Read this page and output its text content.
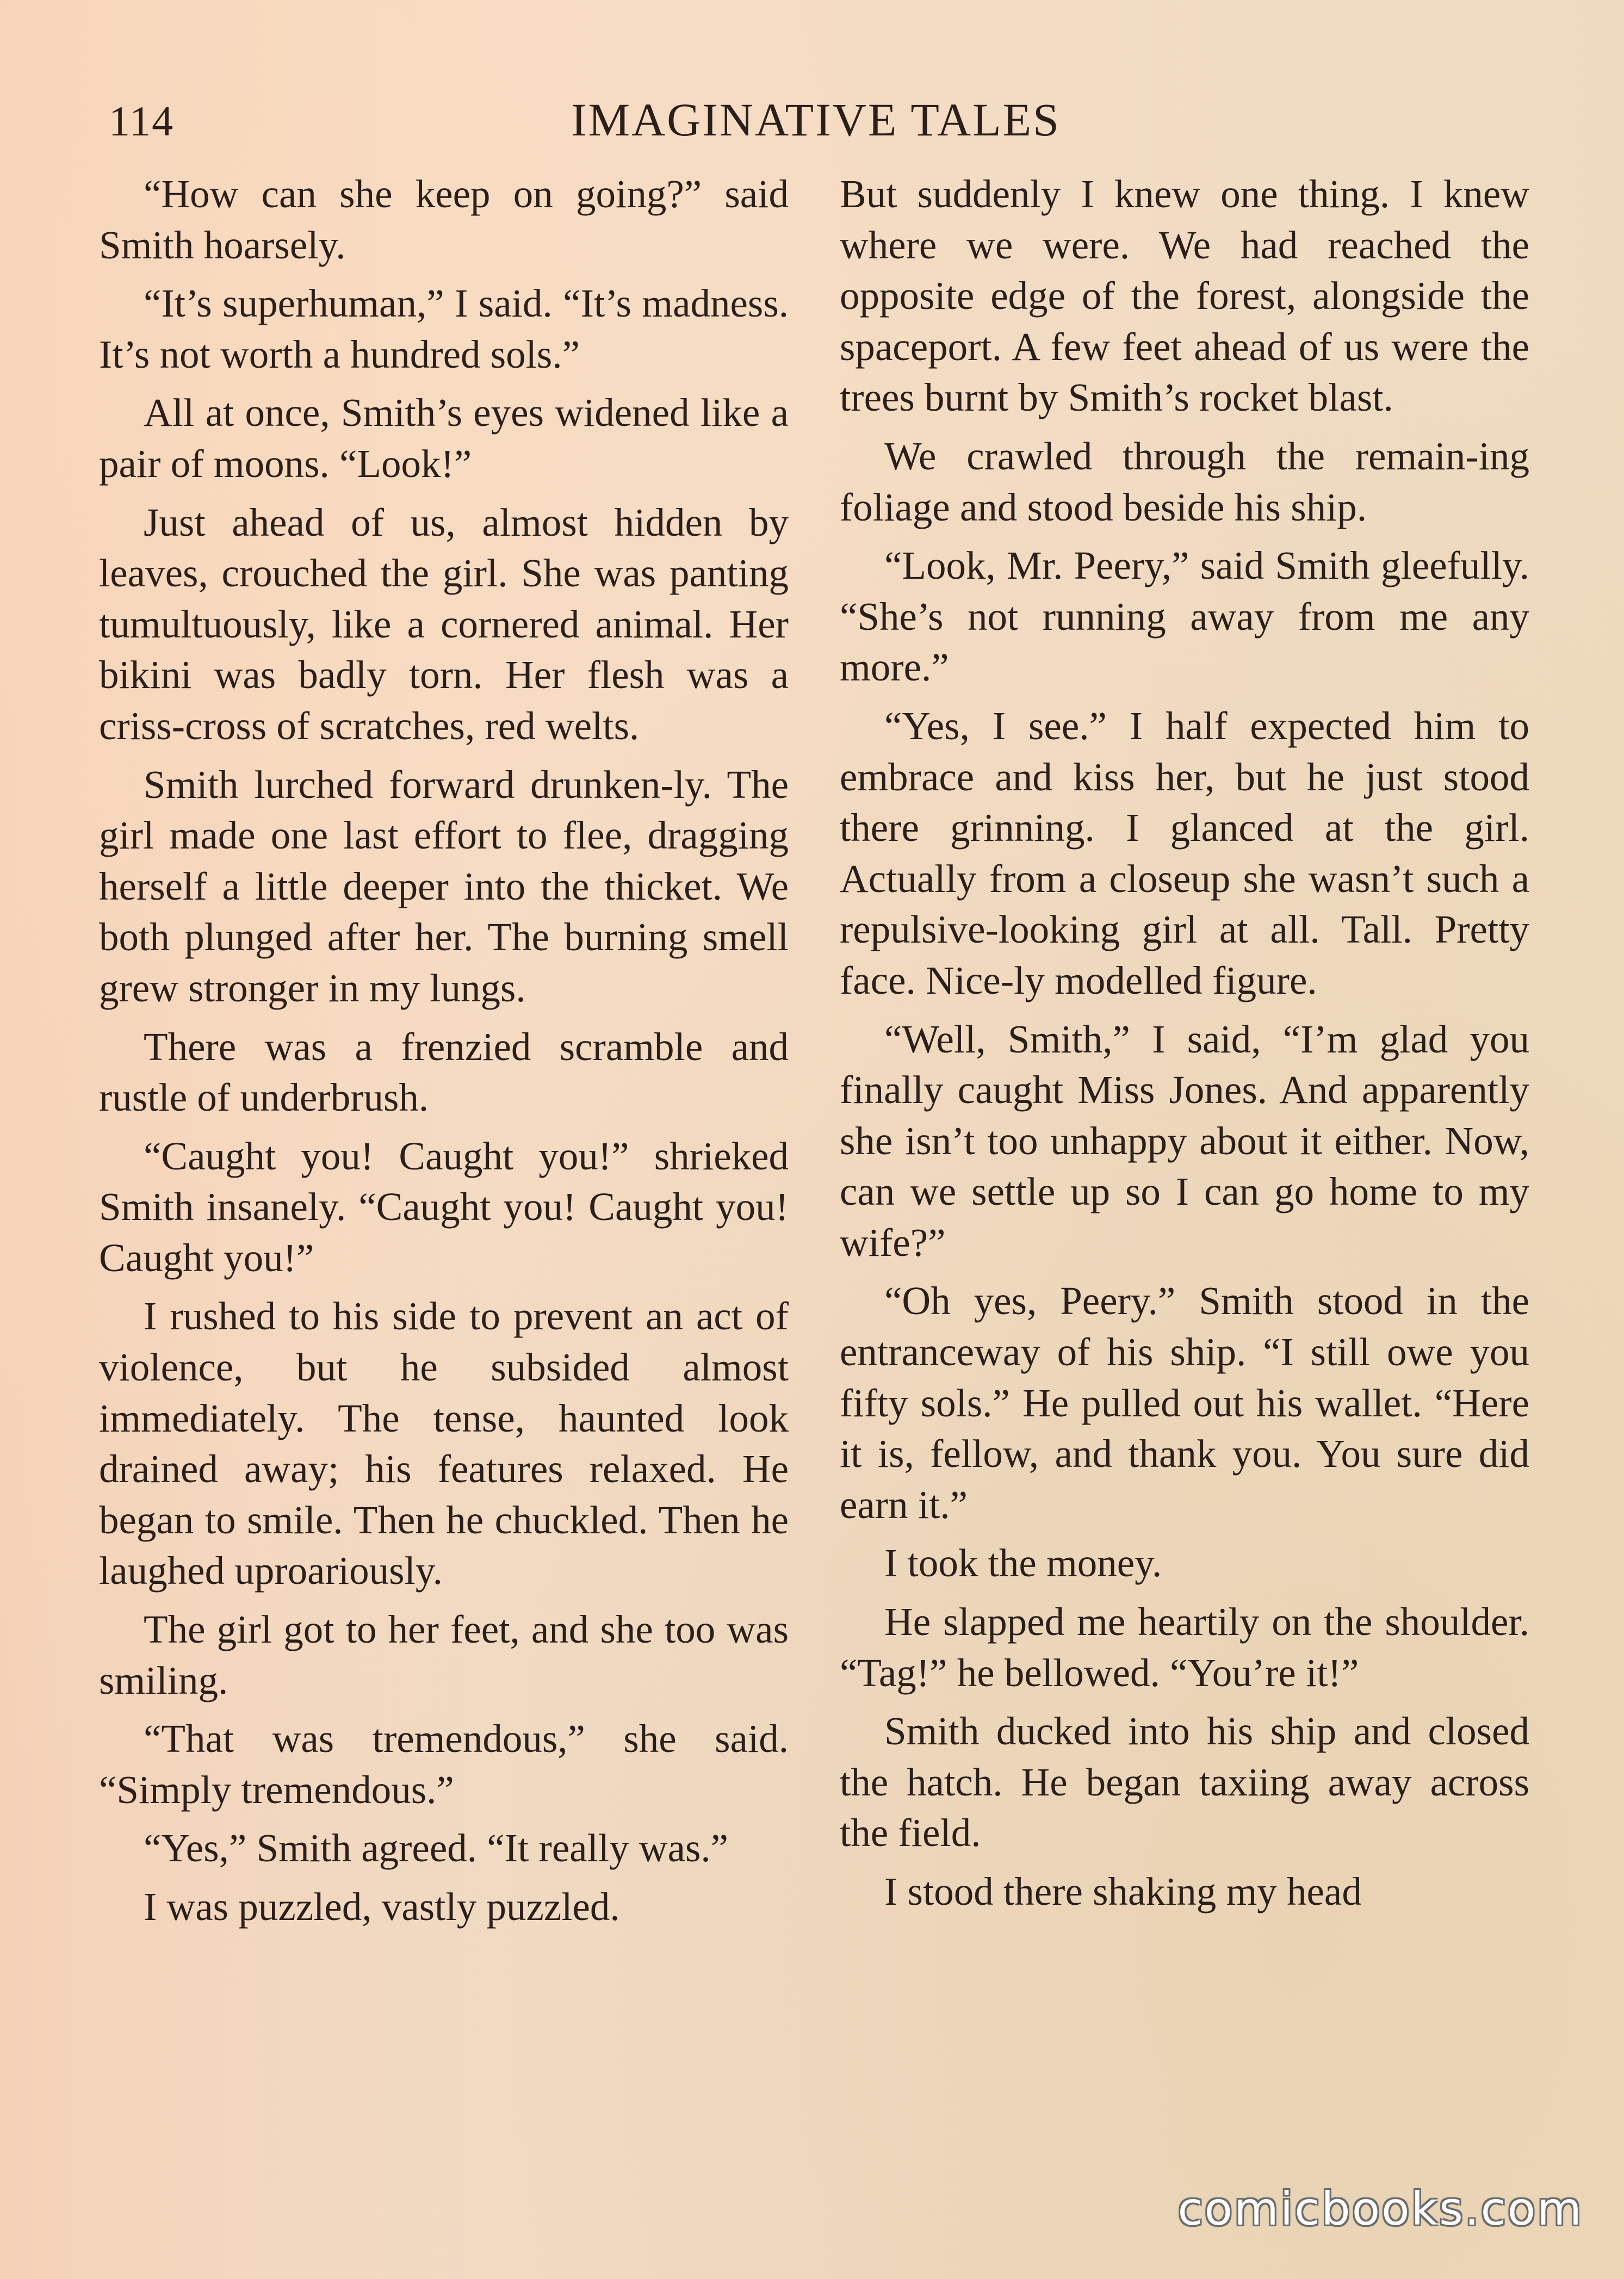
114	IMAGINATIVE TALES

“How can she keep on going?” said Smith hoarsely.

“It’s superhuman,” I said. “It’s madness. It’s not worth a hundred sols.”

All at once, Smith’s eyes widened like a pair of moons. “Look!”

Just ahead of us, almost hidden by leaves, crouched the girl. She was panting tumultuously, like a cornered animal. Her bikini was badly torn. Her flesh was a criss-cross of scratches, red welts.

Smith lurched forward drunken-ly. The girl made one last effort to flee, dragging herself a little deeper into the thicket. We both plunged after her. The burning smell grew stronger in my lungs.

There was a frenzied scramble and rustle of underbrush.

“Caught you! Caught you!” shrieked Smith insanely. “Caught you! Caught you! Caught you!”

I rushed to his side to prevent an act of violence, but he subsided almost immediately. The tense, haunted look drained away; his features relaxed. He began to smile. Then he chuckled. Then he laughed uproariously.

The girl got to her feet, and she too was smiling.

“That was tremendous,” she said. “Simply tremendous.”

“Yes,” Smith agreed. “It really was.”

I was puzzled, vastly puzzled.

But suddenly I knew one thing. I knew where we were. We had reached the opposite edge of the forest, alongside the spaceport. A few feet ahead of us were the trees burnt by Smith’s rocket blast.

We crawled through the remain-ing foliage and stood beside his ship.

“Look, Mr. Peery,” said Smith gleefully. “She’s not running away from me any more.”

“Yes, I see.” I half expected him to embrace and kiss her, but he just stood there grinning. I glanced at the girl. Actually from a closeup she wasn’t such a repulsive-looking girl at all. Tall. Pretty face. Nice-ly modelled figure.

“Well, Smith,” I said, “I’m glad you finally caught Miss Jones. And apparently she isn’t too unhappy about it either. Now, can we settle up so I can go home to my wife?”

“Oh yes, Peery.” Smith stood in the entranceway of his ship. “I still owe you fifty sols.” He pulled out his wallet. “Here it is, fellow, and thank you. You sure did earn it.”

I took the money.

He slapped me heartily on the shoulder. “Tag!” he bellowed. “You’re it!”

Smith ducked into his ship and closed the hatch. He began taxiing away across the field.

I stood there shaking my head

comicbooks.com
